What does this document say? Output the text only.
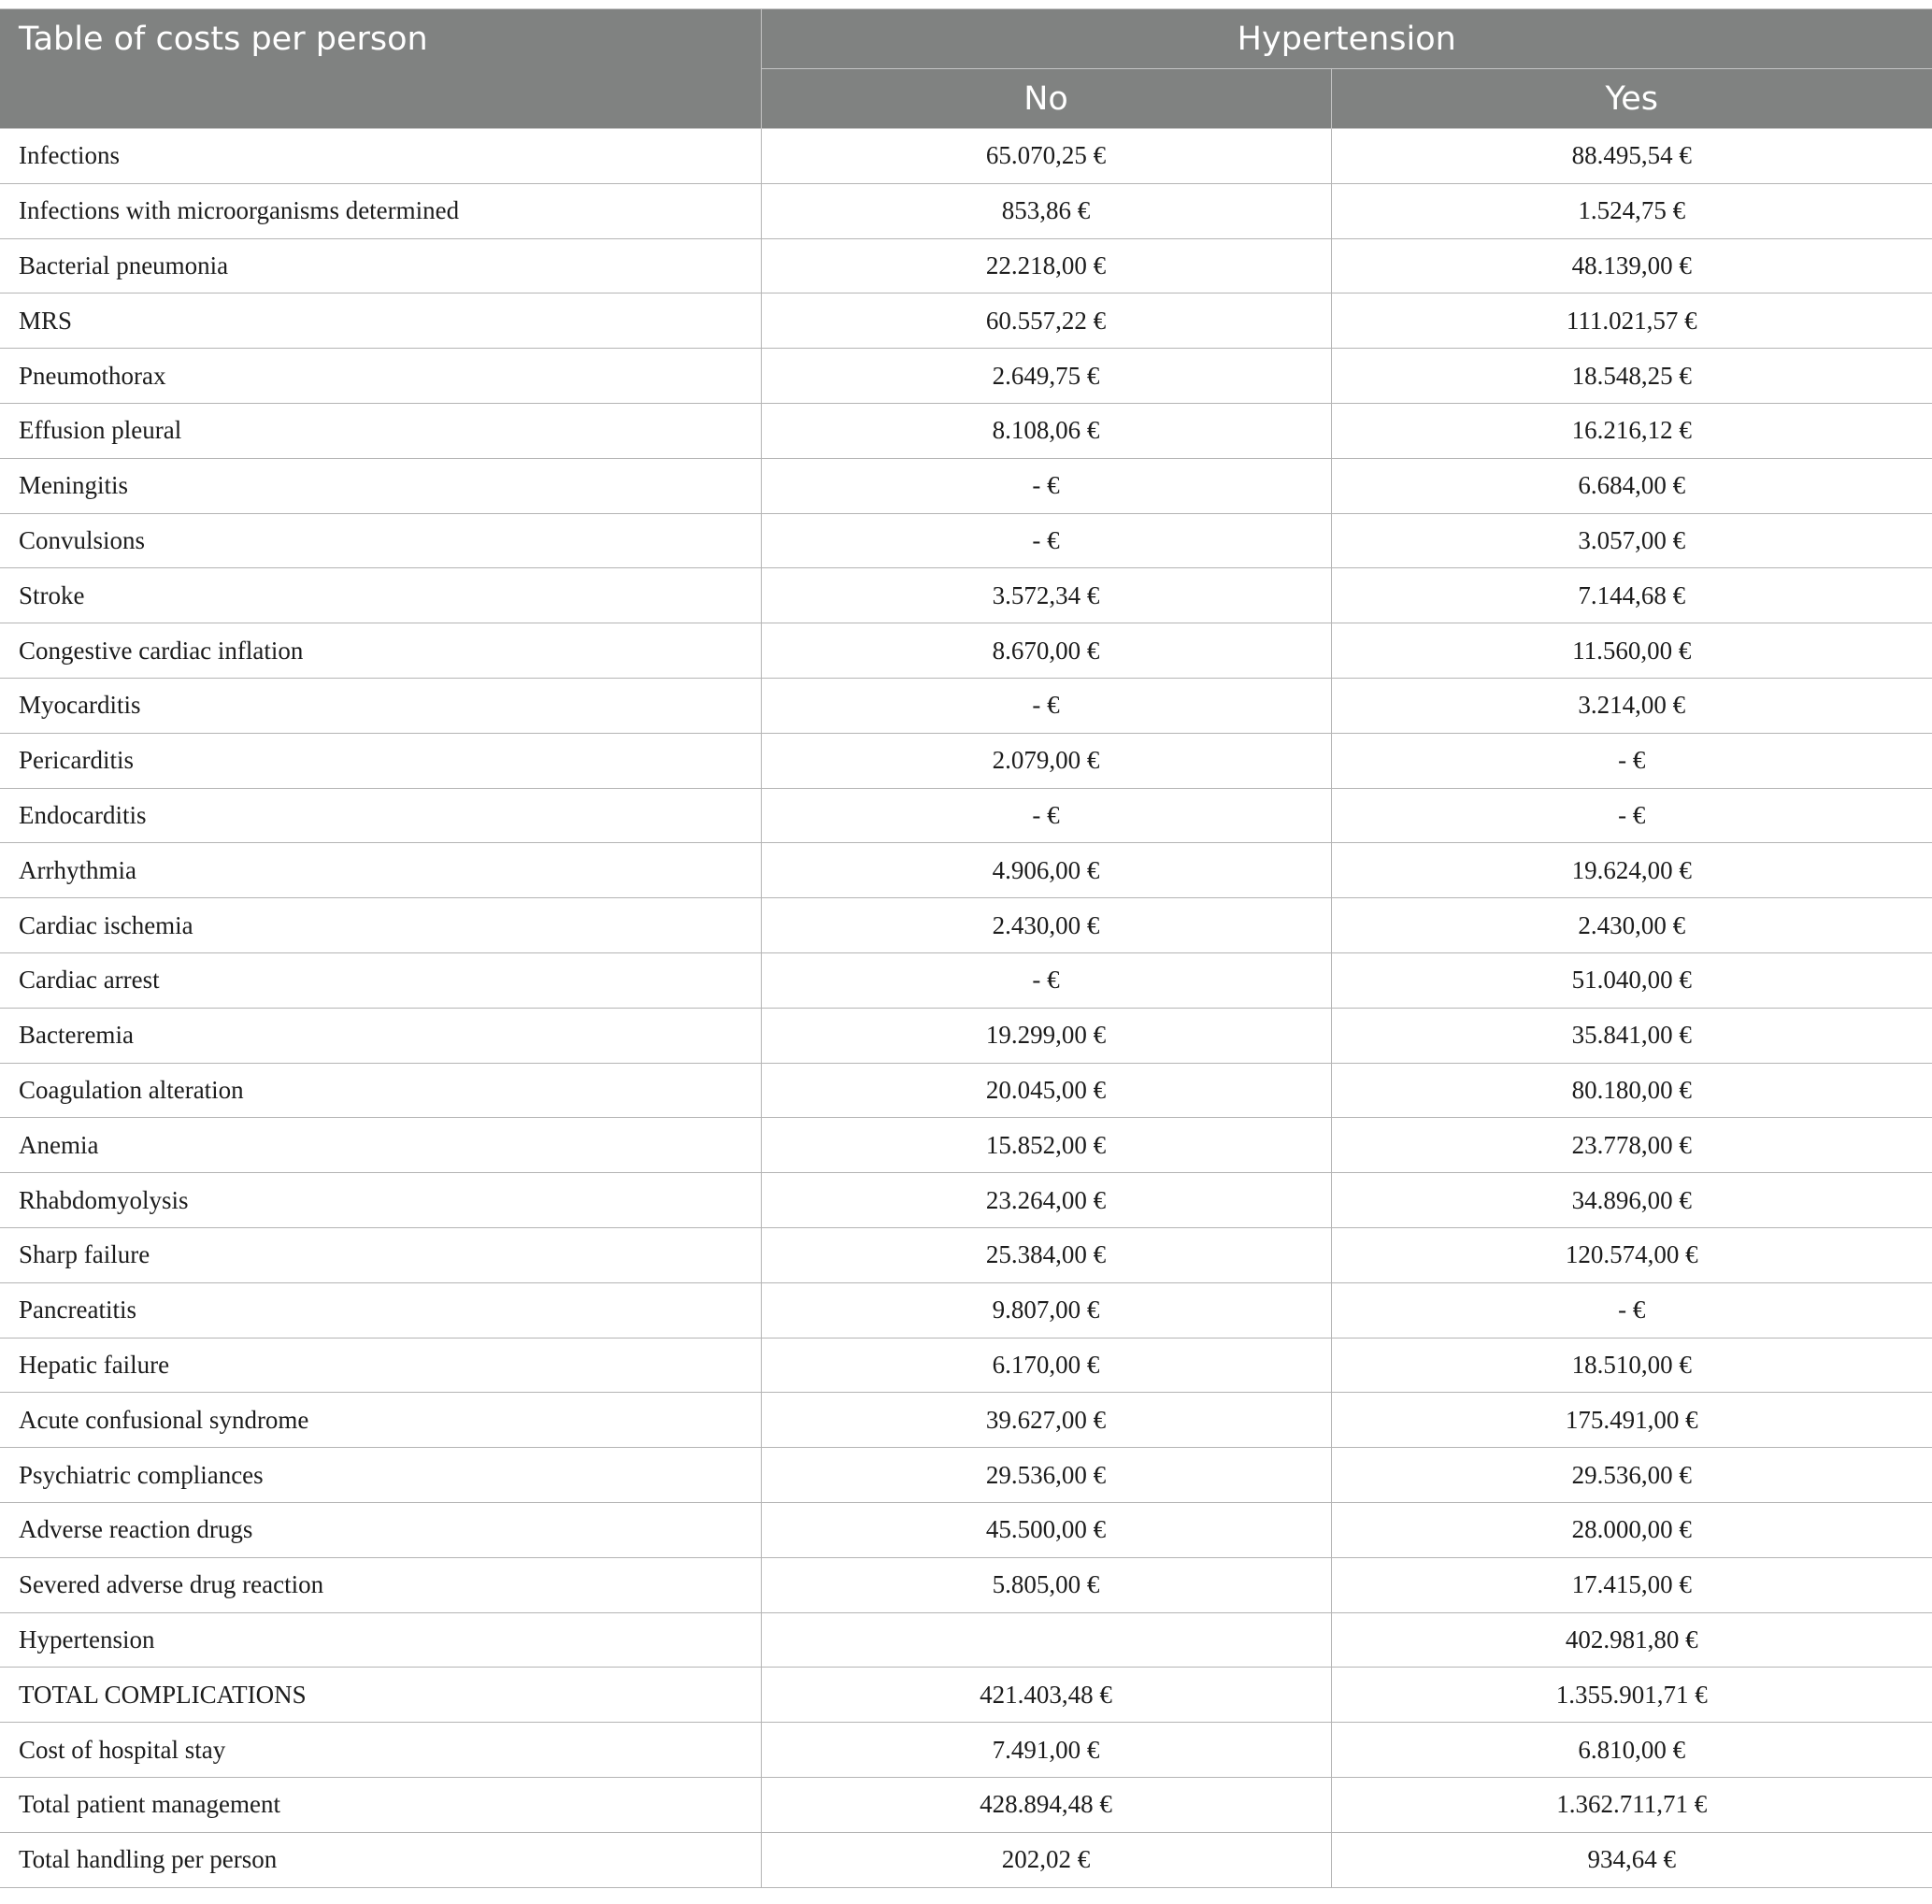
Table of costs per person	Hypertension	
	No	Yes
Infections	65.070,25 €	88.495,54 €
Infections with microorganisms determined	853,86 €	1.524,75 €
Bacterial pneumonia	22.218,00 €	48.139,00 €
MRS	60.557,22 €	111.021,57 €
Pneumothorax	2.649,75 €	18.548,25 €
Effusion pleural	8.108,06 €	16.216,12 €
Meningitis	- €	6.684,00 €
Convulsions	- €	3.057,00 €
Stroke	3.572,34 €	7.144,68 €
Congestive cardiac inflation	8.670,00 €	11.560,00 €
Myocarditis	- €	3.214,00 €
Pericarditis	2.079,00 €	- €
Endocarditis	- €	- €
Arrhythmia	4.906,00 €	19.624,00 €
Cardiac ischemia	2.430,00 €	2.430,00 €
Cardiac arrest	- €	51.040,00 €
Bacteremia	19.299,00 €	35.841,00 €
Coagulation alteration	20.045,00 €	80.180,00 €
Anemia	15.852,00 €	23.778,00 €
Rhabdomyolysis	23.264,00 €	34.896,00 €
Sharp failure	25.384,00 €	120.574,00 €
Pancreatitis	9.807,00 €	- €
Hepatic failure	6.170,00 €	18.510,00 €
Acute confusional syndrome	39.627,00 €	175.491,00 €
Psychiatric compliances	29.536,00 €	29.536,00 €
Adverse reaction drugs	45.500,00 €	28.000,00 €
Severed adverse drug reaction	5.805,00 €	17.415,00 €
Hypertension		402.981,80 €
TOTAL COMPLICATIONS	421.403,48 €	1.355.901,71 €
Cost of hospital stay	7.491,00 €	6.810,00 €
Total patient management	428.894,48 €	1.362.711,71 €
Total handling per person	202,02 €	934,64 €
